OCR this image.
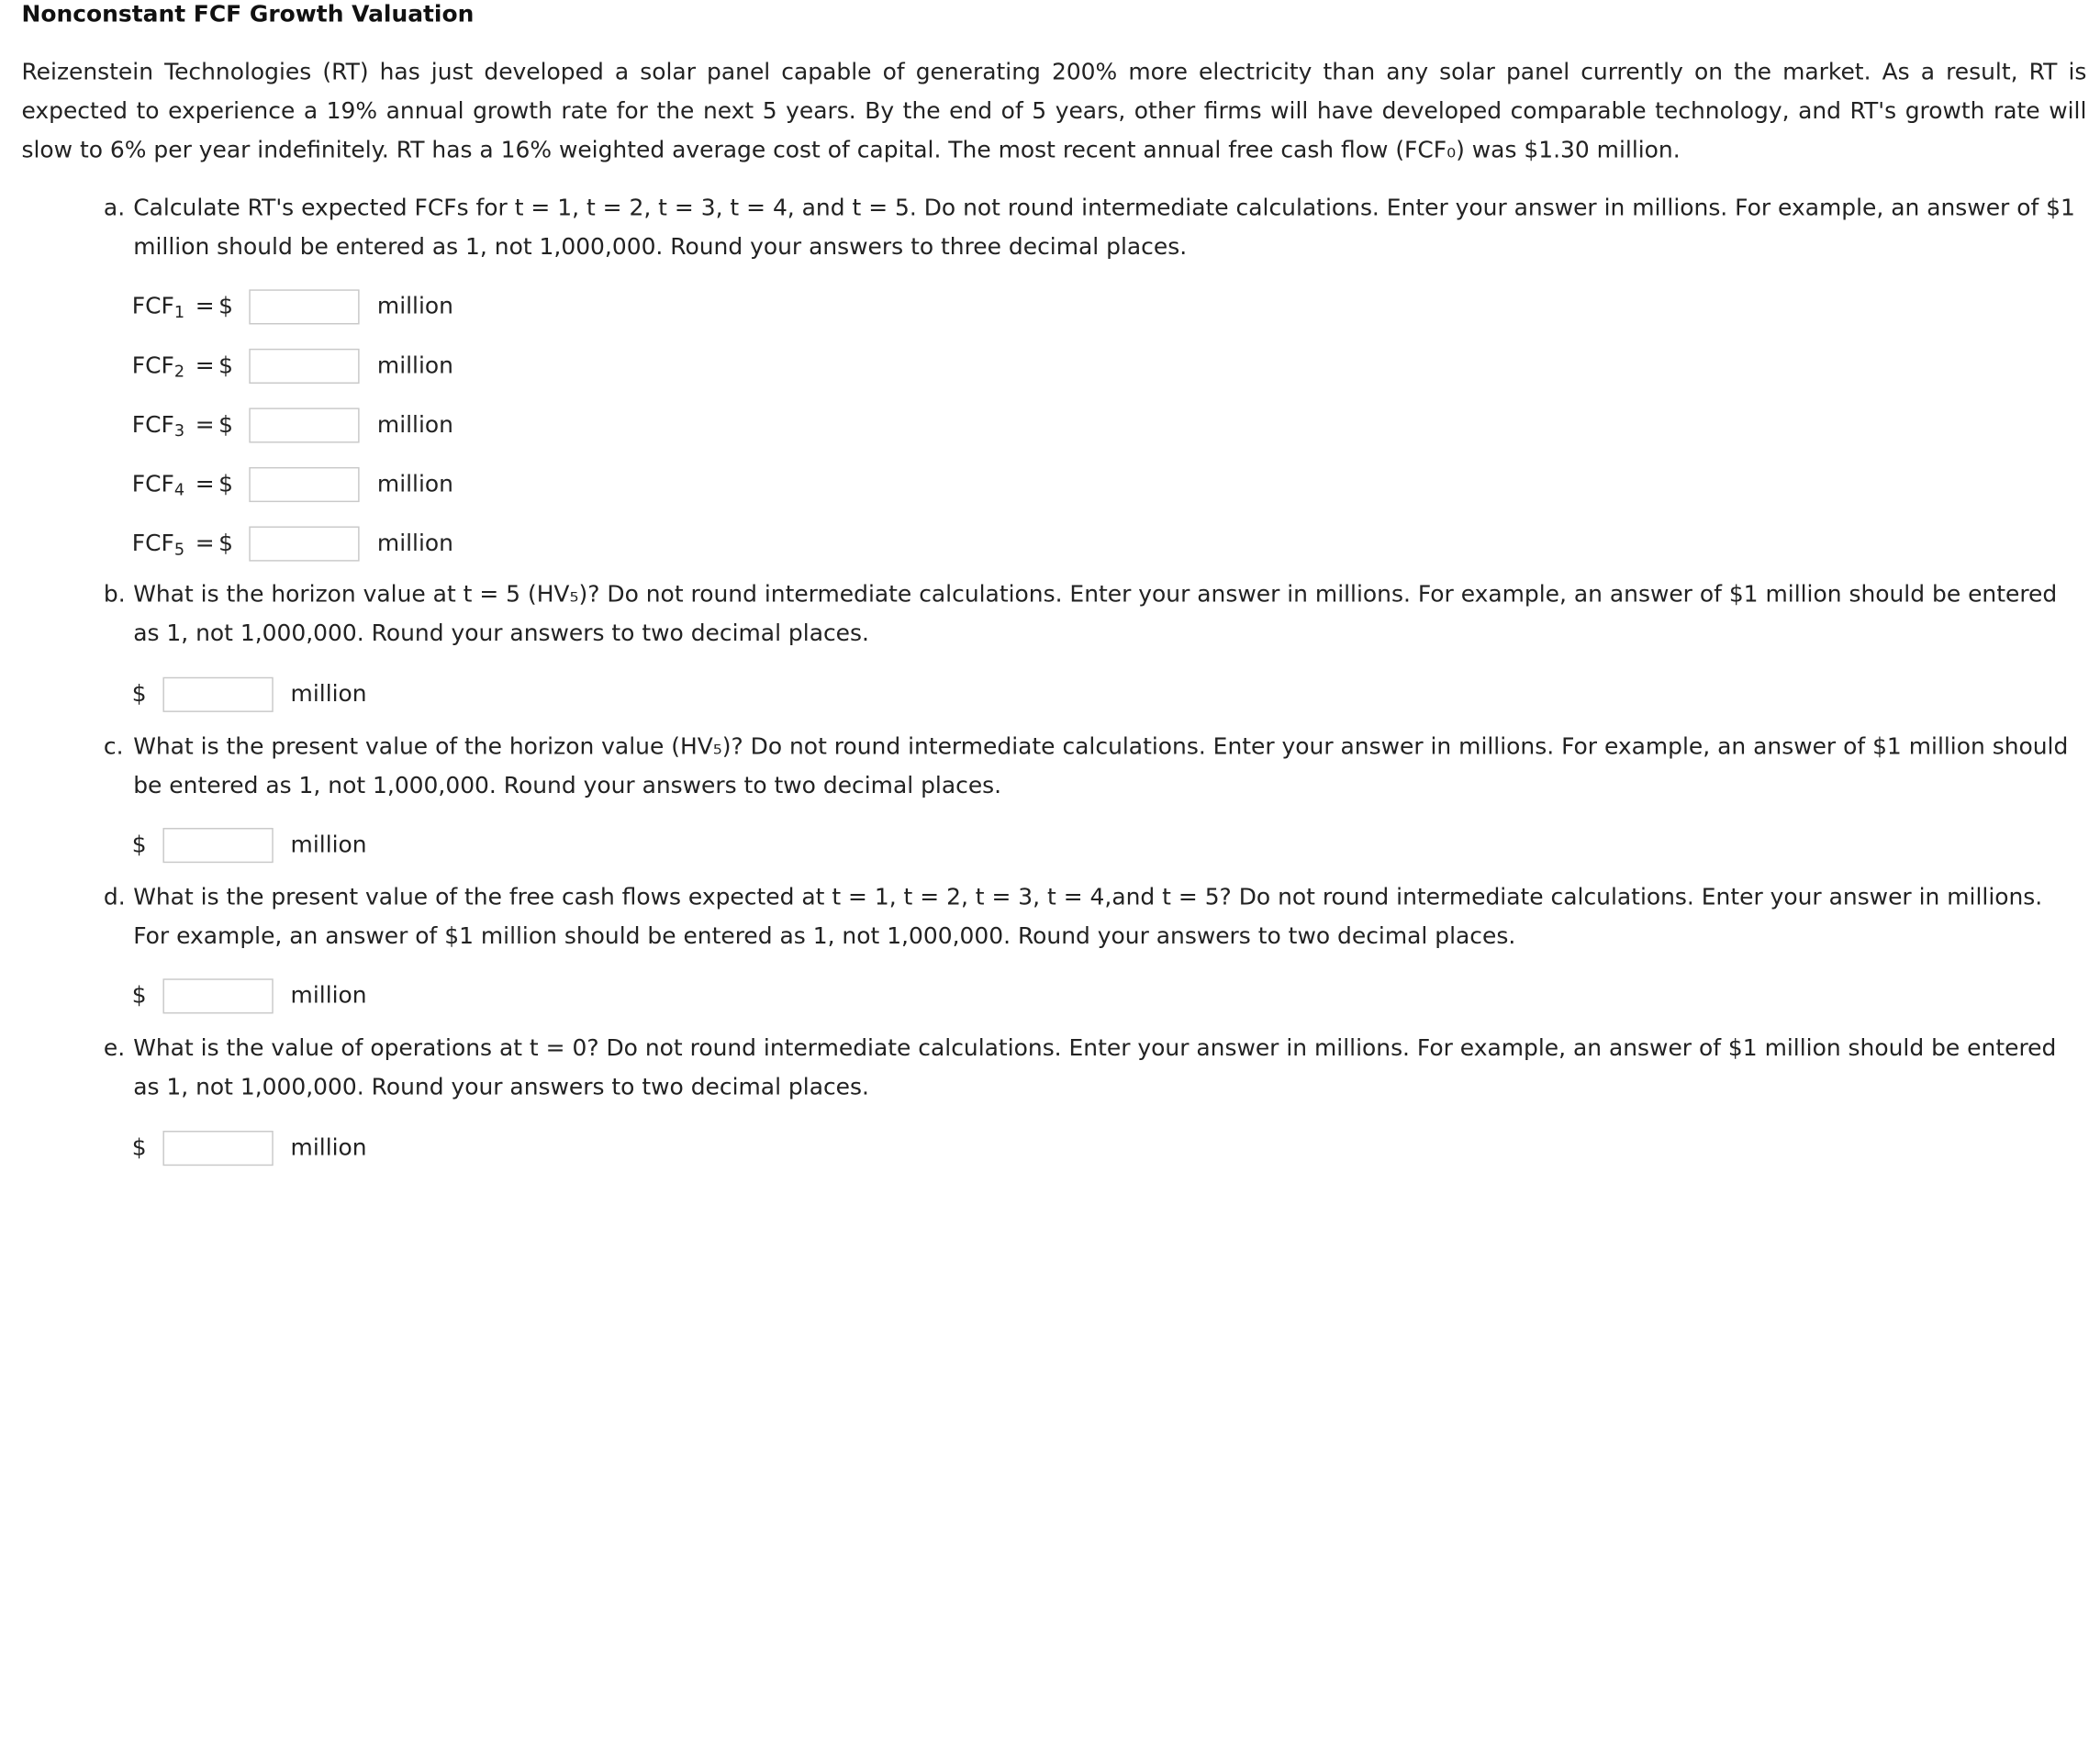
Nonconstant FCF Growth Valuation
Reizenstein Technologies (RT) has just developed a solar panel capable of generating 200% more electricity than any solar panel currently on the market. As a result, RT is expected to experience a 19% annual growth rate for the next 5 years. By the end of 5 years, other firms will have developed comparable technology, and RT's growth rate will slow to 6% per year indefinitely. RT has a 16% weighted average cost of capital. The most recent annual free cash flow (FCF₀) was $1.30 million.
a. Calculate RT's expected FCFs for t = 1, t = 2, t = 3, t = 4, and t = 5. Do not round intermediate calculations. Enter your answer in millions. For example, an answer of $1 million should be entered as 1, not 1,000,000. Round your answers to three decimal places.
$FCF_1$ = $	million
$FCF_2$ = $	million
$FCF_3$ = $	million
$FCF_4$ = $	million
$FCF_5$ = $	million
b. What is the horizon value at t = 5 (HV₅)? Do not round intermediate calculations. Enter your answer in millions. For example, an answer of $1 million should be entered as 1, not 1,000,000. Round your answers to two decimal places.
$	million
c. What is the present value of the horizon value (HV₅)? Do not round intermediate calculations. Enter your answer in millions. For example, an answer of $1 million should be entered as 1, not 1,000,000. Round your answers to two decimal places.
$	million
d. What is the present value of the free cash flows expected at t = 1, t = 2, t = 3, t = 4,and t = 5? Do not round intermediate calculations. Enter your answer in millions. For example, an answer of $1 million should be entered as 1, not 1,000,000. Round your answers to two decimal places.
$	million
e. What is the value of operations at t = 0? Do not round intermediate calculations. Enter your answer in millions. For example, an answer of $1 million should be entered as 1, not 1,000,000. Round your answers to two decimal places.
$	million
